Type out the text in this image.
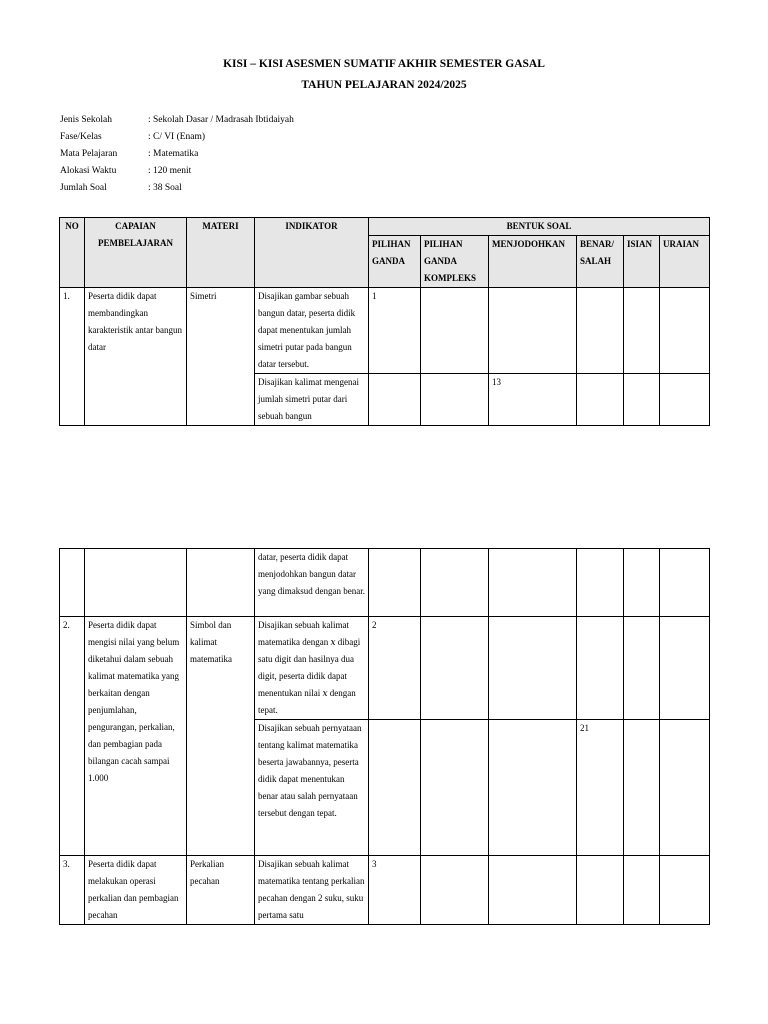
KISI – KISI ASESMEN SUMATIF AKHIR SEMESTER GASAL
TAHUN PELAJARAN 2024/2025
Jenis Sekolah	: Sekolah Dasar / Madrasah Ibtidaiyah
Fase/Kelas	: C/ VI (Enam)
Mata Pelajaran	: Matematika
Alokasi Waktu	: 120 menit
Jumlah Soal	: 38 Soal
NO	CAPAIAN PEMBELAJARAN	MATERI	INDIKATOR	BENTUK SOAL					
				PILIHAN GANDA	PILIHAN GANDA KOMPLEKS	MENJODOHKAN	BENAR/ SALAH	ISIAN	URAIAN
1.	Peserta didik dapat membandingkan karakteristik antar bangun datar	Simetri	Disajikan gambar sebuah bangun datar, peserta didik dapat menentukan jumlah simetri putar pada bangun datar tersebut.	1					
			Disajikan kalimat mengenai jumlah simetri putar dari sebuah bangun			13			
			datar, peserta didik dapat menjodohkan bangun datar yang dimaksud dengan benar.						
2.	Peserta didik dapat mengisi nilai yang belum diketahui dalam sebuah kalimat matematika yang berkaitan dengan penjumlahan, pengurangan, perkalian, dan pembagian pada bilangan cacah sampai 1.000	Simbol dan kalimat matematika	Disajikan sebuah kalimat matematika dengan 𝑥 dibagi satu digit dan hasilnya dua digit, peserta didik dapat menentukan nilai 𝑥 dengan tepat.	2					
			Disajikan sebuah pernyataan tentang kalimat matematika beserta jawabannya, peserta didik dapat menentukan benar atau salah pernyataan tersebut dengan tepat.				21		
3.	Peserta didik dapat melakukan operasi perkalian dan pembagian pecahan	Perkalian pecahan	Disajikan sebuah kalimat matematika tentang perkalian pecahan dengan 2 suku, suku pertama satu	3					
